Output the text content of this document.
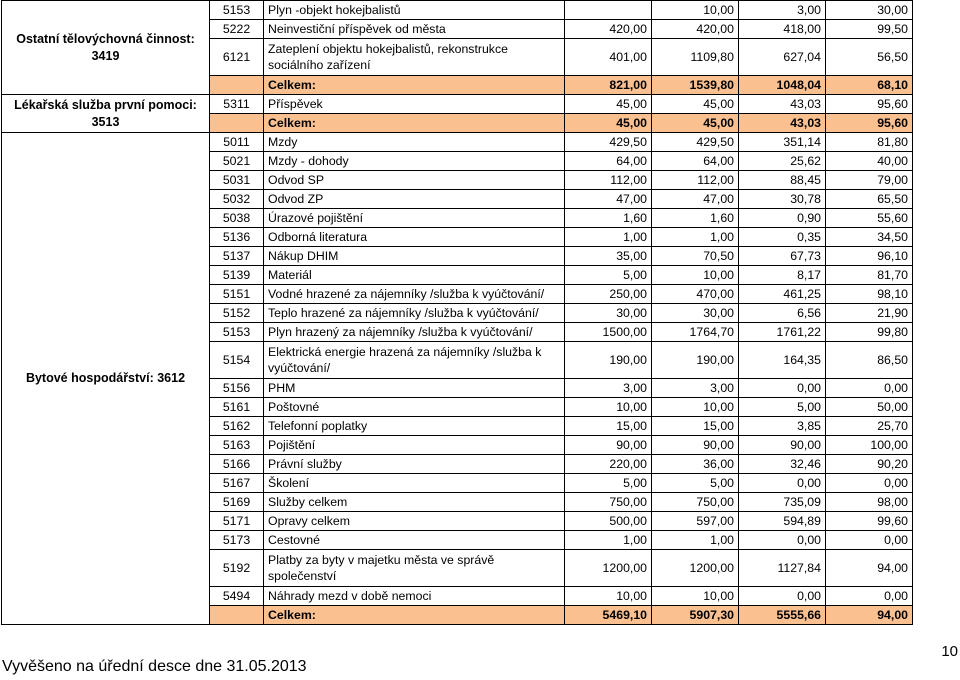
Ostatní tělovýchovná činnost: 3419	5153	Plyn -objekt hokejbalistů		10,00	3,00	30,00
	5222	Neinvestiční příspěvek od města	420,00	420,00	418,00	99,50
	6121	Zateplení objektu hokejbalistů, rekonstrukce sociálního zařízení	401,00	1109,80	627,04	56,50
		Celkem:	821,00	1539,80	1048,04	68,10
Lékařská služba první pomoci: 3513	5311	Příspěvek	45,00	45,00	43,03	95,60
		Celkem:	45,00	45,00	43,03	95,60
Bytové hospodářství: 3612	5011	Mzdy	429,50	429,50	351,14	81,80
	5021	Mzdy - dohody	64,00	64,00	25,62	40,00
	5031	Odvod SP	112,00	112,00	88,45	79,00
	5032	Odvod ZP	47,00	47,00	30,78	65,50
	5038	Úrazové pojištění	1,60	1,60	0,90	55,60
	5136	Odborná literatura	1,00	1,00	0,35	34,50
	5137	Nákup DHIM	35,00	70,50	67,73	96,10
	5139	Materiál	5,00	10,00	8,17	81,70
	5151	Vodné hrazené za nájemníky /služba k vyúčtování/	250,00	470,00	461,25	98,10
	5152	Teplo hrazené za nájemníky /služba k vyúčtování/	30,00	30,00	6,56	21,90
	5153	Plyn hrazený za nájemníky /služba k vyúčtování/	1500,00	1764,70	1761,22	99,80
	5154	Elektrická energie hrazená za nájemníky /služba k vyúčtování/	190,00	190,00	164,35	86,50
	5156	PHM	3,00	3,00	0,00	0,00
	5161	Poštovné	10,00	10,00	5,00	50,00
	5162	Telefonní poplatky	15,00	15,00	3,85	25,70
	5163	Pojištění	90,00	90,00	90,00	100,00
	5166	Právní služby	220,00	36,00	32,46	90,20
	5167	Školení	5,00	5,00	0,00	0,00
	5169	Služby celkem	750,00	750,00	735,09	98,00
	5171	Opravy celkem	500,00	597,00	594,89	99,60
	5173	Cestovné	1,00	1,00	0,00	0,00
	5192	Platby za byty v majetku města ve správě společenství	1200,00	1200,00	1127,84	94,00
	5494	Náhrady mezd v době nemoci	10,00	10,00	0,00	0,00
		Celkem:	5469,10	5907,30	5555,66	94,00
Vyvěšeno na úřední desce dne 31.05.2013
10
